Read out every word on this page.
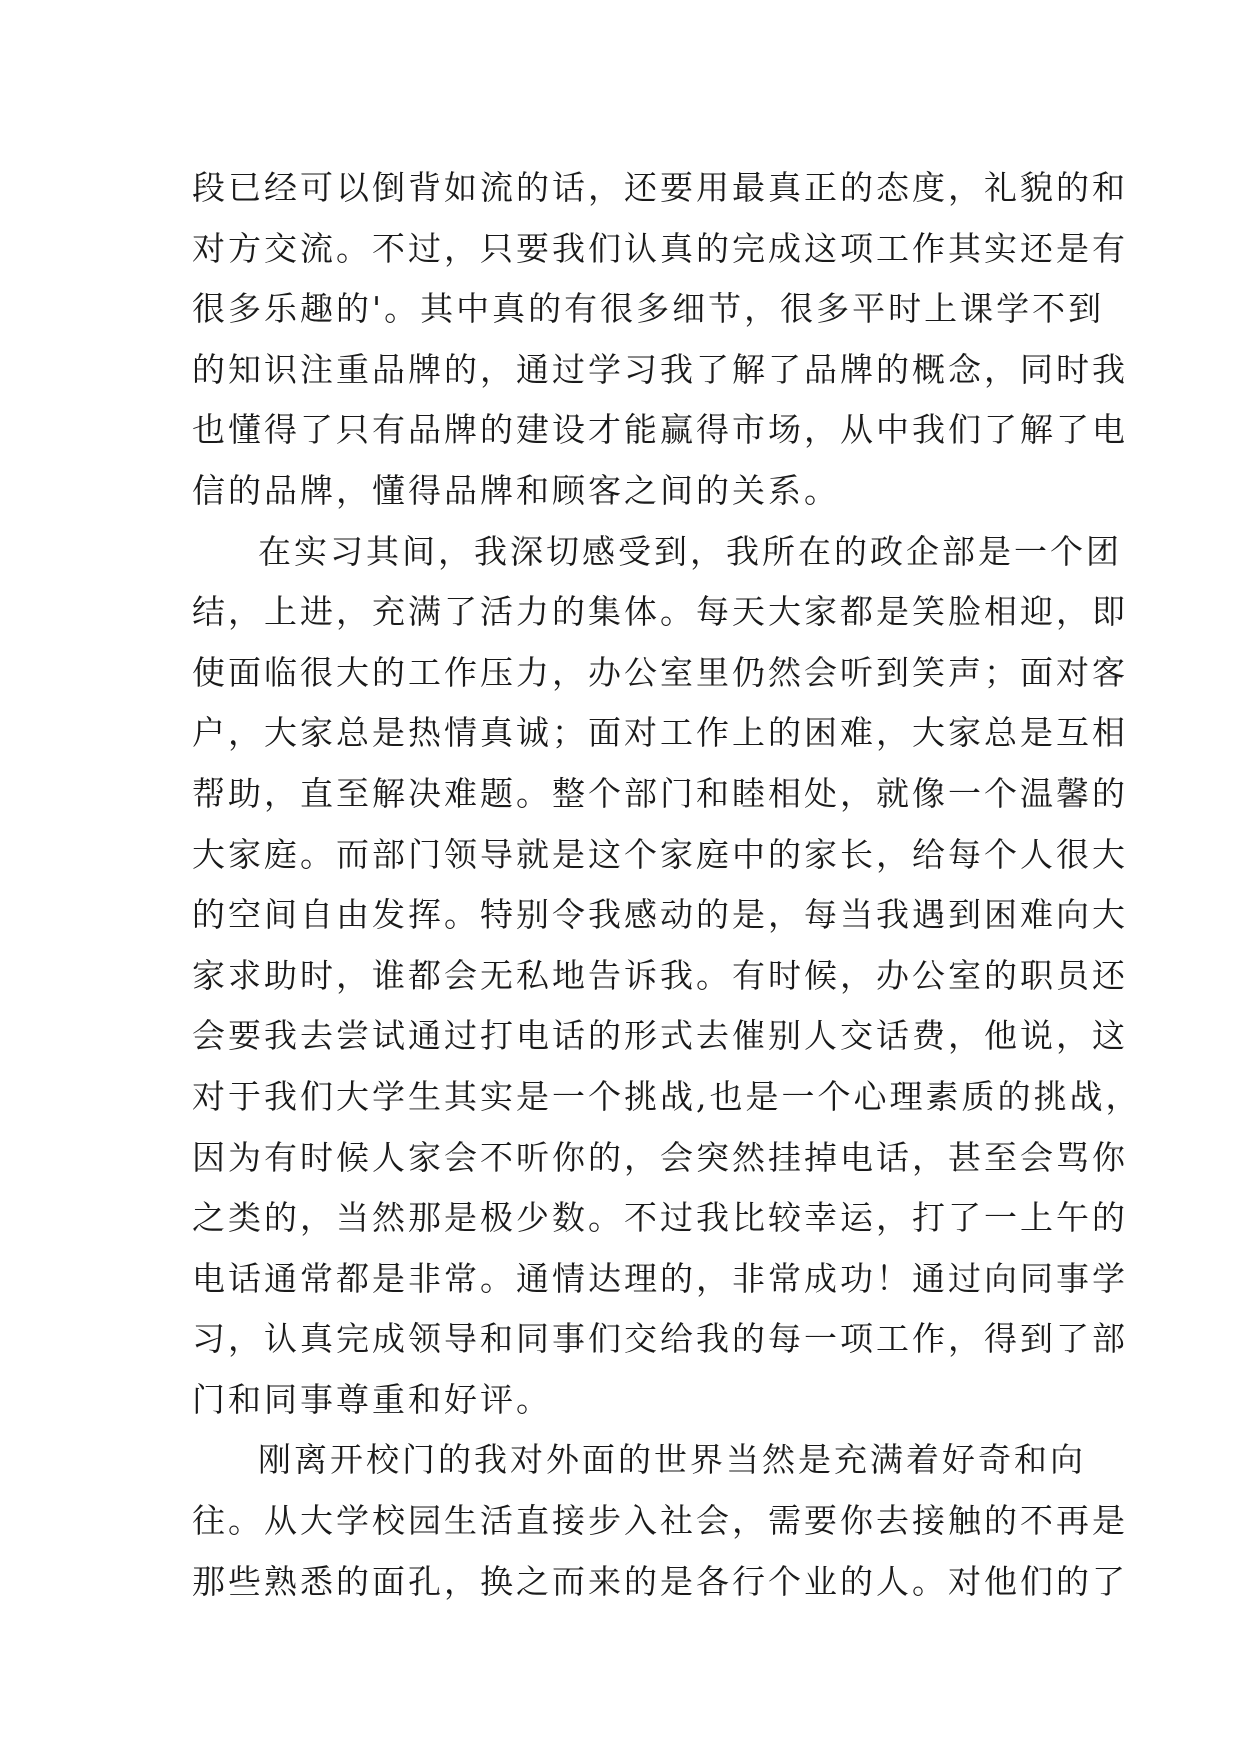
段已经可以倒背如流的话，还要用最真正的态度，礼貌的和
对方交流。不过，只要我们认真的完成这项工作其实还是有
很多乐趣的'。其中真的有很多细节，很多平时上课学不到
的知识注重品牌的，通过学习我了解了品牌的概念，同时我
也懂得了只有品牌的建设才能赢得市场，从中我们了解了电
信的品牌，懂得品牌和顾客之间的关系。
在实习其间，我深切感受到，我所在的政企部是一个团
结，上进，充满了活力的集体。每天大家都是笑脸相迎，即
使面临很大的工作压力，办公室里仍然会听到笑声；面对客
户，大家总是热情真诚；面对工作上的困难，大家总是互相
帮助，直至解决难题。整个部门和睦相处，就像一个温馨的
大家庭。而部门领导就是这个家庭中的家长，给每个人很大
的空间自由发挥。特别令我感动的是，每当我遇到困难向大
家求助时，谁都会无私地告诉我。有时候，办公室的职员还
会要我去尝试通过打电话的形式去催别人交话费，他说，这
对于我们大学生其实是一个挑战,也是一个心理素质的挑战，
因为有时候人家会不听你的，会突然挂掉电话，甚至会骂你
之类的，当然那是极少数。不过我比较幸运，打了一上午的
电话通常都是非常。通情达理的，非常成功！通过向同事学
习，认真完成领导和同事们交给我的每一项工作，得到了部
门和同事尊重和好评。
刚离开校门的我对外面的世界当然是充满着好奇和向
往。从大学校园生活直接步入社会，需要你去接触的不再是
那些熟悉的面孔，换之而来的是各行个业的人。对他们的了
